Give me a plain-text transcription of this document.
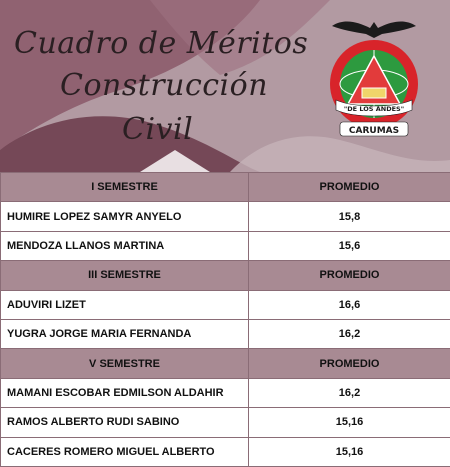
Cuadro de Méritos
Construcción
Civil
"DE LOS ANDES"
CARUMAS
I SEMESTRE	PROMEDIO
HUMIRE LOPEZ SAMYR ANYELO	15,8
MENDOZA LLANOS MARTINA	15,6
III SEMESTRE	PROMEDIO
ADUVIRI LIZET	16,6
YUGRA JORGE MARIA FERNANDA	16,2
V SEMESTRE	PROMEDIO
MAMANI ESCOBAR EDMILSON ALDAHIR	16,2
RAMOS ALBERTO RUDI SABINO	15,16
CACERES ROMERO MIGUEL ALBERTO	15,16
